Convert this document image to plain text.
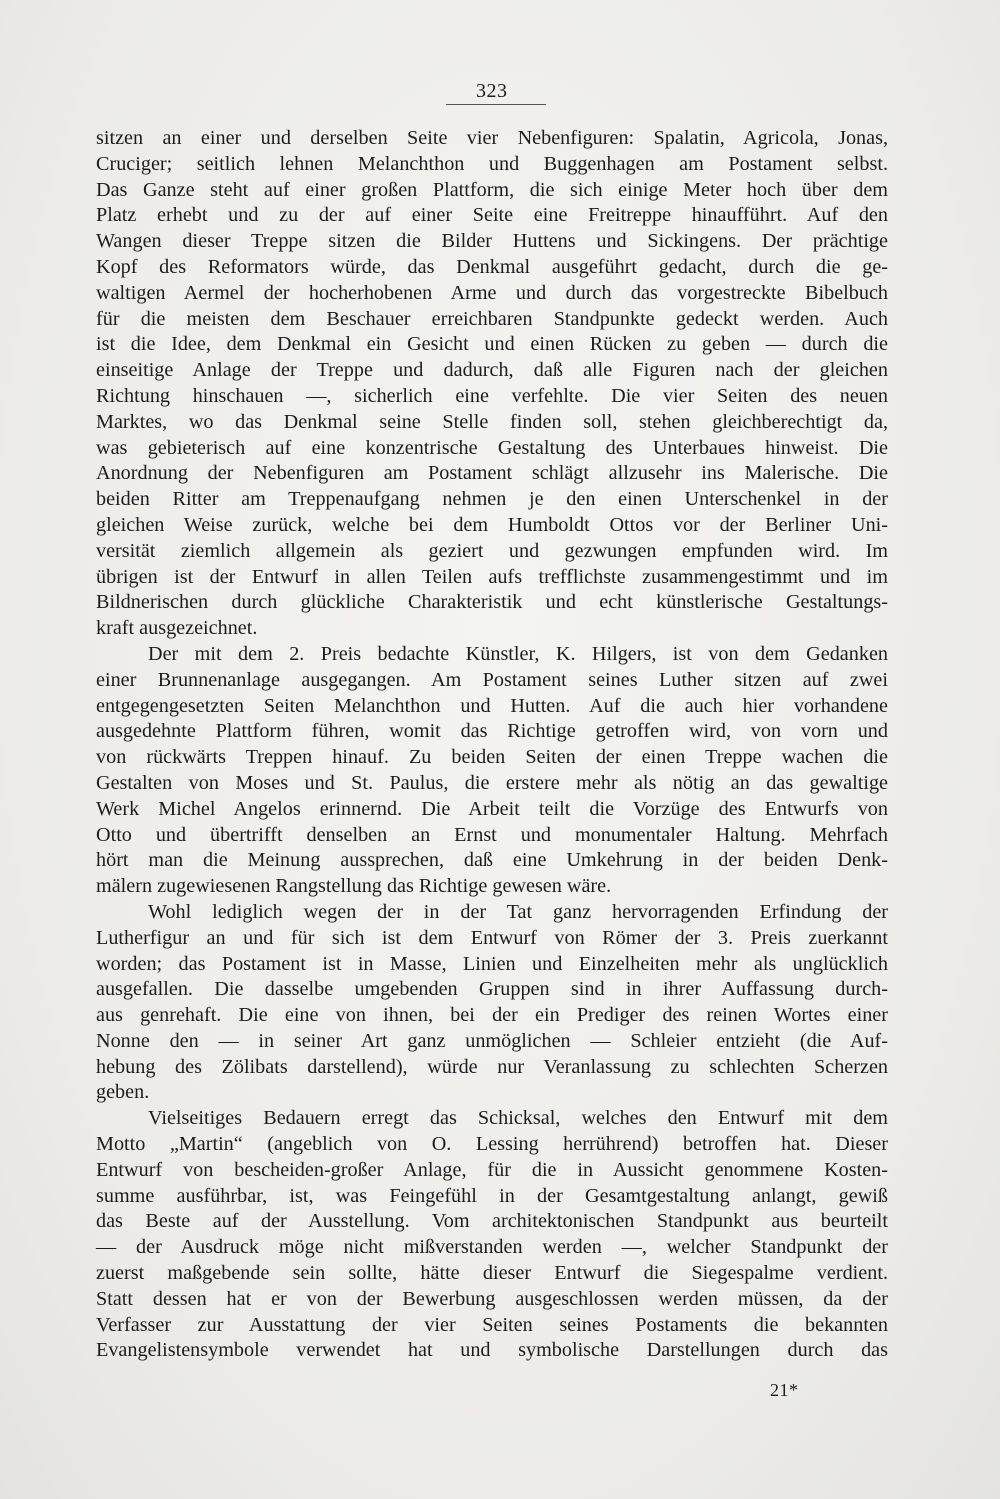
323
sitzen an einer und derselben Seite vier Nebenfiguren: Spalatin, Agricola, Jonas,
Cruciger; seitlich lehnen Melanchthon und Buggenhagen am Postament selbst.
Das Ganze steht auf einer großen Plattform, die sich einige Meter hoch über dem
Platz erhebt und zu der auf einer Seite eine Freitreppe hinaufführt. Auf den
Wangen dieser Treppe sitzen die Bilder Huttens und Sickingens. Der prächtige
Kopf des Reformators würde, das Denkmal ausgeführt gedacht, durch die ge-
waltigen Aermel der hocherhobenen Arme und durch das vorgestreckte Bibelbuch
für die meisten dem Beschauer erreichbaren Standpunkte gedeckt werden. Auch
ist die Idee, dem Denkmal ein Gesicht und einen Rücken zu geben — durch die
einseitige Anlage der Treppe und dadurch, daß alle Figuren nach der gleichen
Richtung hinschauen —, sicherlich eine verfehlte. Die vier Seiten des neuen
Marktes, wo das Denkmal seine Stelle finden soll, stehen gleichberechtigt da,
was gebieterisch auf eine konzentrische Gestaltung des Unterbaues hinweist. Die
Anordnung der Nebenfiguren am Postament schlägt allzusehr ins Malerische. Die
beiden Ritter am Treppenaufgang nehmen je den einen Unterschenkel in der
gleichen Weise zurück, welche bei dem Humboldt Ottos vor der Berliner Uni-
versität ziemlich allgemein als geziert und gezwungen empfunden wird. Im
übrigen ist der Entwurf in allen Teilen aufs trefflichste zusammengestimmt und im
Bildnerischen durch glückliche Charakteristik und echt künstlerische Gestaltungs-
kraft ausgezeichnet.
Der mit dem 2. Preis bedachte Künstler, K. Hilgers, ist von dem Gedanken
einer Brunnenanlage ausgegangen. Am Postament seines Luther sitzen auf zwei
entgegengesetzten Seiten Melanchthon und Hutten. Auf die auch hier vorhandene
ausgedehnte Plattform führen, womit das Richtige getroffen wird, von vorn und
von rückwärts Treppen hinauf. Zu beiden Seiten der einen Treppe wachen die
Gestalten von Moses und St. Paulus, die erstere mehr als nötig an das gewaltige
Werk Michel Angelos erinnernd. Die Arbeit teilt die Vorzüge des Entwurfs von
Otto und übertrifft denselben an Ernst und monumentaler Haltung. Mehrfach
hört man die Meinung aussprechen, daß eine Umkehrung in der beiden Denk-
mälern zugewiesenen Rangstellung das Richtige gewesen wäre.
Wohl lediglich wegen der in der Tat ganz hervorragenden Erfindung der
Lutherfigur an und für sich ist dem Entwurf von Römer der 3. Preis zuerkannt
worden; das Postament ist in Masse, Linien und Einzelheiten mehr als unglücklich
ausgefallen. Die dasselbe umgebenden Gruppen sind in ihrer Auffassung durch-
aus genrehaft. Die eine von ihnen, bei der ein Prediger des reinen Wortes einer
Nonne den — in seiner Art ganz unmöglichen — Schleier entzieht (die Auf-
hebung des Zölibats darstellend), würde nur Veranlassung zu schlechten Scherzen
geben.
Vielseitiges Bedauern erregt das Schicksal, welches den Entwurf mit dem
Motto „Martin“ (angeblich von O. Lessing herrührend) betroffen hat. Dieser
Entwurf von bescheiden-großer Anlage, für die in Aussicht genommene Kosten-
summe ausführbar, ist, was Feingefühl in der Gesamtgestaltung anlangt, gewiß
das Beste auf der Ausstellung. Vom architektonischen Standpunkt aus beurteilt
— der Ausdruck möge nicht mißverstanden werden —, welcher Standpunkt der
zuerst maßgebende sein sollte, hätte dieser Entwurf die Siegespalme verdient.
Statt dessen hat er von der Bewerbung ausgeschlossen werden müssen, da der
Verfasser zur Ausstattung der vier Seiten seines Postaments die bekannten
Evangelistensymbole verwendet hat und symbolische Darstellungen durch das
21*
